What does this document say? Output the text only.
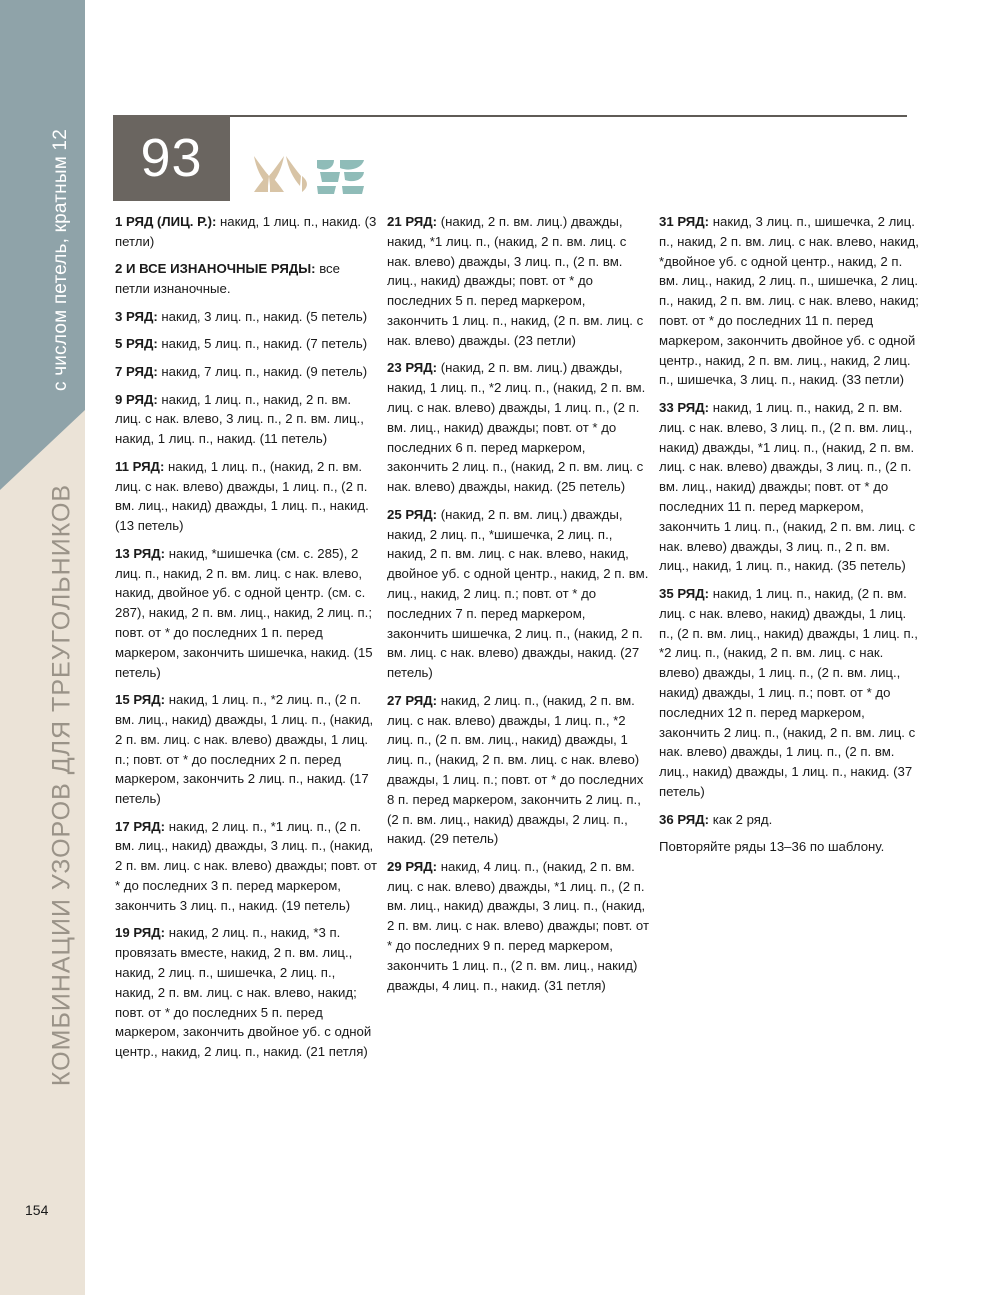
с числом петель, кратным 12
КОМБИНАЦИИ УЗОРОВ ДЛЯ ТРЕУГОЛЬНИКОВ
93

1 РЯД (ЛИЦ. Р.): накид, 1 лиц. п., накид. (3 петли)

2 И ВСЕ ИЗНАНОЧНЫЕ РЯДЫ: все петли изнаночные.

3 РЯД: накид, 3 лиц. п., накид. (5 петель)

5 РЯД: накид, 5 лиц. п., накид. (7 петель)

7 РЯД: накид, 7 лиц. п., накид. (9 петель)

9 РЯД: накид, 1 лиц. п., накид, 2 п. вм. лиц. с нак. влево, 3 лиц. п., 2 п. вм. лиц., накид, 1 лиц. п., накид. (11 петель)

11 РЯД: накид, 1 лиц. п., (накид, 2 п. вм. лиц. с нак. влево) дважды, 1 лиц. п., (2 п. вм. лиц., накид) дважды, 1 лиц. п., накид. (13 петель)

13 РЯД: накид, *шишечка (см. с. 285), 2 лиц. п., накид, 2 п. вм. лиц. с нак. влево, накид, двойное уб. с одной центр. (см. с. 287), накид, 2 п. вм. лиц., накид, 2 лиц. п.; повт. от * до последних 1 п. перед маркером, закончить шишечка, накид. (15 петель)

15 РЯД: накид, 1 лиц. п., *2 лиц. п., (2 п. вм. лиц., накид) дважды, 1 лиц. п., (накид, 2 п. вм. лиц. с нак. влево) дважды, 1 лиц. п.; повт. от * до последних 2 п. перед маркером, закончить 2 лиц. п., накид. (17 петель)

17 РЯД: накид, 2 лиц. п., *1 лиц. п., (2 п. вм. лиц., накид) дважды, 3 лиц. п., (накид, 2 п. вм. лиц. с нак. влево) дважды; повт. от * до последних 3 п. перед маркером, закончить 3 лиц. п., накид. (19 петель)

19 РЯД: накид, 2 лиц. п., накид, *3 п. провязать вместе, накид, 2 п. вм. лиц., накид, 2 лиц. п., шишечка, 2 лиц. п., накид, 2 п. вм. лиц. с нак. влево, накид; повт. от * до последних 5 п. перед маркером, закончить двойное уб. с одной центр., накид, 2 лиц. п., накид. (21 петля)

21 РЯД: (накид, 2 п. вм. лиц.) дважды, накид, *1 лиц. п., (накид, 2 п. вм. лиц. с нак. влево) дважды, 3 лиц. п., (2 п. вм. лиц., накид) дважды; повт. от * до последних 5 п. перед маркером, закончить 1 лиц. п., накид, (2 п. вм. лиц. с нак. влево) дважды. (23 петли)

23 РЯД: (накид, 2 п. вм. лиц.) дважды, накид, 1 лиц. п., *2 лиц. п., (накид, 2 п. вм. лиц. с нак. влево) дважды, 1 лиц. п., (2 п. вм. лиц., накид) дважды; повт. от * до последних 6 п. перед маркером, закончить 2 лиц. п., (накид, 2 п. вм. лиц. с нак. влево) дважды, накид. (25 петель)

25 РЯД: (накид, 2 п. вм. лиц.) дважды, накид, 2 лиц. п., *шишечка, 2 лиц. п., накид, 2 п. вм. лиц. с нак. влево, накид, двойное уб. с одной центр., накид, 2 п. вм. лиц., накид, 2 лиц. п.; повт. от * до последних 7 п. перед маркером, закончить шишечка, 2 лиц. п., (накид, 2 п. вм. лиц. с нак. влево) дважды, накид. (27 петель)

27 РЯД: накид, 2 лиц. п., (накид, 2 п. вм. лиц. с нак. влево) дважды, 1 лиц. п., *2 лиц. п., (2 п. вм. лиц., накид) дважды, 1 лиц. п., (накид, 2 п. вм. лиц. с нак. влево) дважды, 1 лиц. п.; повт. от * до последних 8 п. перед маркером, закончить 2 лиц. п., (2 п. вм. лиц., накид) дважды, 2 лиц. п., накид. (29 петель)

29 РЯД: накид, 4 лиц. п., (накид, 2 п. вм. лиц. с нак. влево) дважды, *1 лиц. п., (2 п. вм. лиц., накид) дважды, 3 лиц. п., (накид, 2 п. вм. лиц. с нак. влево) дважды; повт. от * до последних 9 п. перед маркером, закончить 1 лиц. п., (2 п. вм. лиц., накид) дважды, 4 лиц. п., накид. (31 петля)

31 РЯД: накид, 3 лиц. п., шишечка, 2 лиц. п., накид, 2 п. вм. лиц. с нак. влево, накид, *двойное уб. с одной центр., накид, 2 п. вм. лиц., накид, 2 лиц. п., шишечка, 2 лиц. п., накид, 2 п. вм. лиц. с нак. влево, накид; повт. от * до последних 11 п. перед маркером, закончить двойное уб. с одной центр., накид, 2 п. вм. лиц., накид, 2 лиц. п., шишечка, 3 лиц. п., накид. (33 петли)

33 РЯД: накид, 1 лиц. п., накид, 2 п. вм. лиц. с нак. влево, 3 лиц. п., (2 п. вм. лиц., накид) дважды, *1 лиц. п., (накид, 2 п. вм. лиц. с нак. влево) дважды, 3 лиц. п., (2 п. вм. лиц., накид) дважды; повт. от * до последних 11 п. перед маркером, закончить 1 лиц. п., (накид, 2 п. вм. лиц. с нак. влево) дважды, 3 лиц. п., 2 п. вм. лиц., накид, 1 лиц. п., накид. (35 петель)

35 РЯД: накид, 1 лиц. п., накид, (2 п. вм. лиц. с нак. влево, накид) дважды, 1 лиц. п., (2 п. вм. лиц., накид) дважды, 1 лиц. п., *2 лиц. п., (накид, 2 п. вм. лиц. с нак. влево) дважды, 1 лиц. п., (2 п. вм. лиц., накид) дважды, 1 лиц. п.; повт. от * до последних 12 п. перед маркером, закончить 2 лиц. п., (накид, 2 п. вм. лиц. с нак. влево) дважды, 1 лиц. п., (2 п. вм. лиц., накид) дважды, 1 лиц. п., накид. (37 петель)

36 РЯД: как 2 ряд.

Повторяйте ряды 13–36 по шаблону.

154
